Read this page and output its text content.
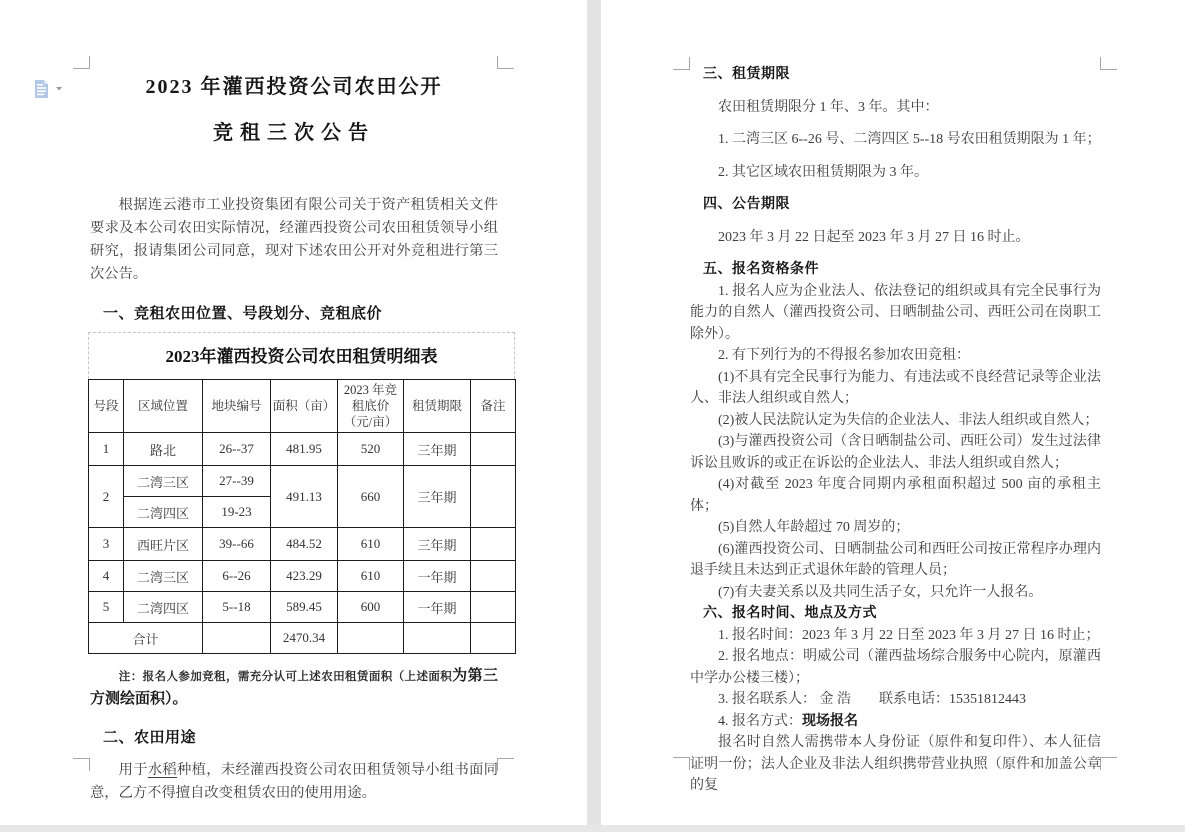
2023 年灌西投资公司农田公开
竞租三次公告

根据连云港市工业投资集团有限公司关于资产租赁相关文件要求及本公司农田实际情况，经灌西投资公司农田租赁领导小组研究，报请集团公司同意，现对下述农田公开对外竞租进行第三次公告。

一、竞租农田位置、号段划分、竞租底价
2023年灌西投资公司农田租赁明细表
号段	区域位置	地块编号	面积（亩）	2023 年竞租底价（元/亩）	租赁期限	备注
1	路北	26--37	481.95	520	三年期	
2	二湾三区	27--39	491.13	660	三年期	
	二湾四区	19-23				
3	西旺片区	39--66	484.52	610	三年期	
4	二湾三区	6--26	423.29	610	一年期	
5	二湾四区	5--18	589.45	600	一年期	
合计			2470.34			

注：报名人参加竞租，需充分认可上述农田租赁面积（上述面积为第三方测绘面积）。

二、农田用途

用于水稻种植，未经灌西投资公司农田租赁领导小组书面同意，乙方不得擅自改变租赁农田的使用用途。

三、租赁期限

农田租赁期限分 1 年、3 年。其中：

1. 二湾三区 6--26 号、二湾四区 5--18 号农田租赁期限为 1 年；

2. 其它区域农田租赁期限为 3 年。

四、公告期限

2023 年 3 月 22 日起至 2023 年 3 月 27 日 16 时止。

五、报名资格条件

1. 报名人应为企业法人、依法登记的组织或具有完全民事行为能力的自然人（灌西投资公司、日晒制盐公司、西旺公司在岗职工除外）。

2. 有下列行为的不得报名参加农田竞租：

(1)不具有完全民事行为能力、有违法或不良经营记录等企业法人、非法人组织或自然人；

(2)被人民法院认定为失信的企业法人、非法人组织或自然人；

(3)与灌西投资公司（含日晒制盐公司、西旺公司）发生过法律诉讼且败诉的或正在诉讼的企业法人、非法人组织或自然人；

(4)对截至 2023 年度合同期内承租面积超过 500 亩的承租主体；

(5)自然人年龄超过 70 周岁的；

(6)灌西投资公司、日晒制盐公司和西旺公司按正常程序办理内退手续且未达到正式退休年龄的管理人员；

(7)有夫妻关系以及共同生活子女，只允许一人报名。

六、报名时间、地点及方式

1. 报名时间：2023 年 3 月 22 日至 2023 年 3 月 27 日 16 时止；

2. 报名地点：明威公司（灌西盐场综合服务中心院内，原灌西中学办公楼三楼）；

3. 报名联系人： 金 浩　　联系电话：15351812443

4. 报名方式：现场报名

报名时自然人需携带本人身份证（原件和复印件）、本人征信证明一份；法人企业及非法人组织携带营业执照（原件和加盖公章的复
